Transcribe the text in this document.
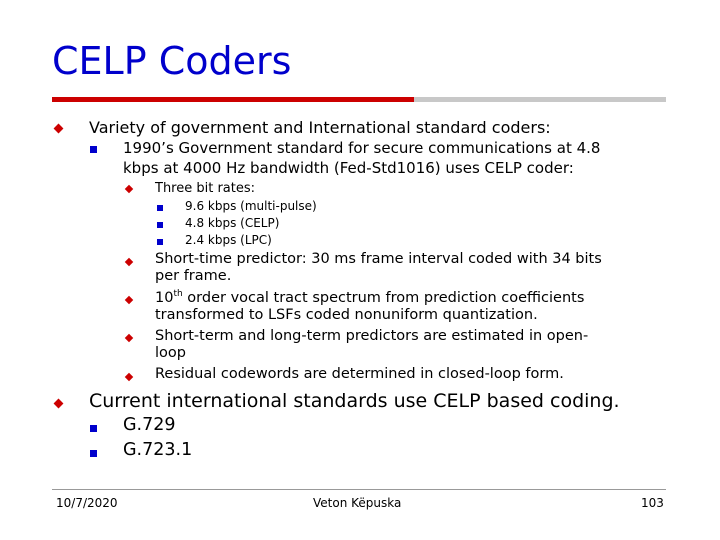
CELP Coders
Variety of government and International standard coders:
1990’s Government standard for secure communications at 4.8
kbps at 4000 Hz bandwidth (Fed-Std1016) uses CELP coder:
Three bit rates:
9.6 kbps (multi-pulse)
4.8 kbps (CELP)
2.4 kbps (LPC)
Short-time predictor: 30 ms frame interval coded with 34 bits
per frame.
10th order vocal tract spectrum from prediction coefficients
transformed to LSFs coded nonuniform quantization.
Short-term and long-term predictors are estimated in open-
loop
Residual codewords are determined in closed-loop form.
Current international standards use CELP based coding.
G.729
G.723.1
10/7/2020	Veton Këpuska	103
